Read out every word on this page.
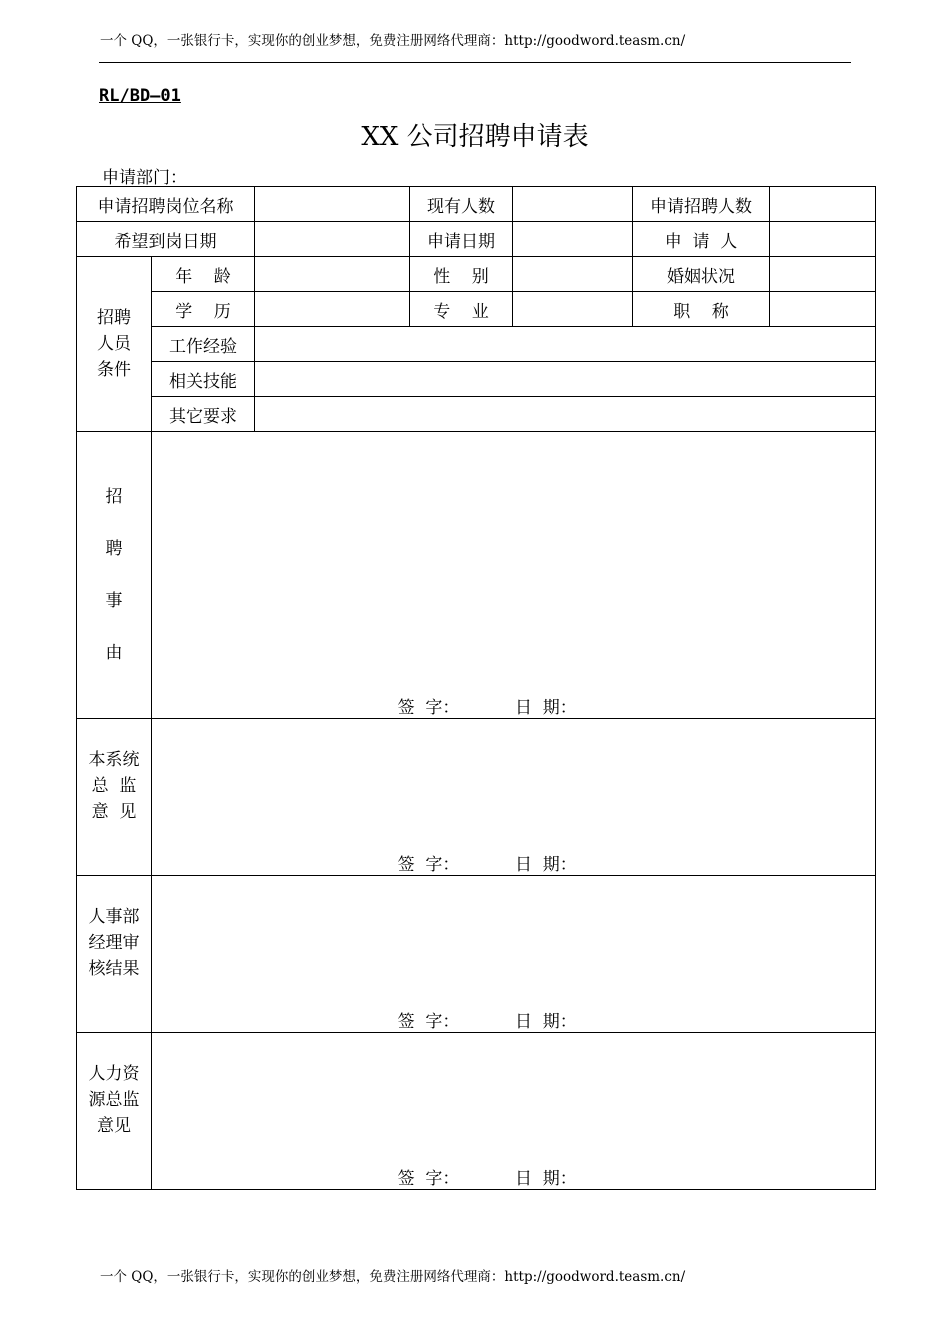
一个 QQ，一张银行卡，实现你的创业梦想，免费注册网络代理商：http://goodword.teasm.cn/
RL/BD—01
XX 公司招聘申请表
申请部门：
申请招聘岗位名称			现有人数		申请招聘人数	
希望到岗日期			申请日期		申  请  人	

招聘
人员
条件	年    龄		性    别		婚姻状况	
	学    历		专    业		职    称	
	工作经验					
	相关技能					
	其它要求					

招
聘
事
由	签  字： 日  期：					

本系统
总  监
意  见	签  字： 日  期：					

人事部
经理审
核结果	签  字： 日  期：					

人力资
源总监
意见	签  字： 日  期：					
一个 QQ，一张银行卡，实现你的创业梦想，免费注册网络代理商：http://goodword.teasm.cn/
